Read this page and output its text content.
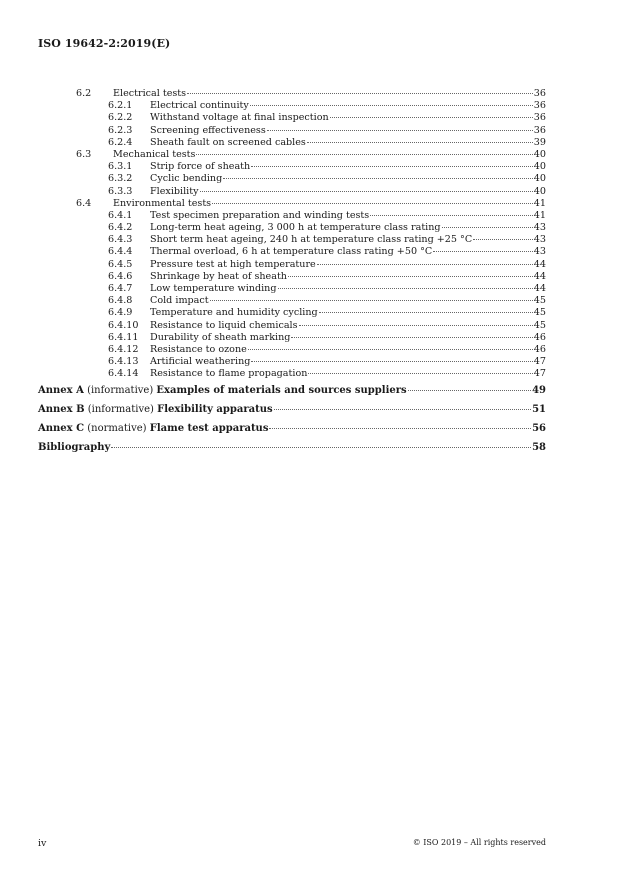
ISO 19642-2:2019(E)
6.2	Electrical tests	36
6.2.1	Electrical continuity	36
6.2.2	Withstand voltage at final inspection	36
6.2.3	Screening effectiveness	36
6.2.4	Sheath fault on screened cables	39
6.3	Mechanical tests	40
6.3.1	Strip force of sheath	40
6.3.2	Cyclic bending	40
6.3.3	Flexibility	40
6.4	Environmental tests	41
6.4.1	Test specimen preparation and winding tests	41
6.4.2	Long-term heat ageing, 3 000 h at temperature class rating	43
6.4.3	Short term heat ageing, 240 h at temperature class rating +25 °C	43
6.4.4	Thermal overload, 6 h at temperature class rating +50 °C	43
6.4.5	Pressure test at high temperature	44
6.4.6	Shrinkage by heat of sheath	44
6.4.7	Low temperature winding	44
6.4.8	Cold impact	45
6.4.9	Temperature and humidity cycling	45
6.4.10	Resistance to liquid chemicals	45
6.4.11	Durability of sheath marking	46
6.4.12	Resistance to ozone	46
6.4.13	Artificial weathering	47
6.4.14	Resistance to flame propagation	47
Annex A (informative) Examples of materials and sources suppliers	49
Annex B (informative) Flexibility apparatus	51
Annex C (normative) Flame test apparatus	56
Bibliography	58
iv	© ISO 2019 – All rights reserved
